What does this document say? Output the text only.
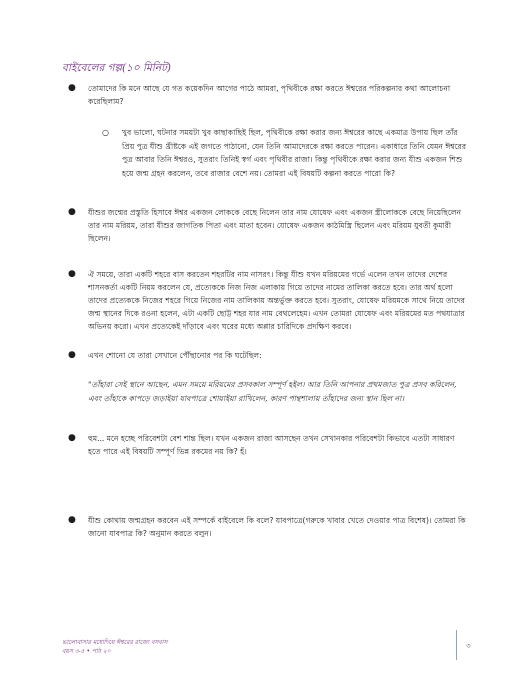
বাইবেলের গল্প(১০ মিনিট)
● তোমাদের কি মনে আছে যে গত কয়েকদিন আগের পাঠে আমরা, পৃথিবীকে রক্ষা করতে ঈশ্বরের পরিকল্পনার কথা আলোচনা করেছিলাম?
○ খুব ভালো, ঘটনার সময়টা খুব কাছাকাছিই ছিল, পৃথিবীকে রক্ষা করার জন্য ঈশ্বরের কাছে একমাত্র উপায় ছিল তাঁর প্রিয় পুত্র যীশু খ্রীষ্টকে এই জগতে পাঠানো, যেন তিনি আমাদেরকে রক্ষা করতে পারেন। একাধারে তিনি যেমন ঈশ্বরের পুত্র আবার তিনি ঈশ্বরও, সুতরাং তিনিই স্বর্গ এবং পৃথিবীর রাজা। কিন্তু পৃথিবীকে রক্ষা করার জন্য যীশু একজন শিশু হয়ে জন্ম গ্রহন করলেন, তবে রাজার বেশে নয়। তোমরা এই বিষয়টি কল্পনা করতে পারো কি?
● যীশুর জন্মের প্রস্তুতি হিসাবে ঈশ্বর একজন লোককে বেছে নিলেন তার নাম যোষেফ এবং একজন স্ত্রীলোককে বেছে নিয়েছিলেন তার নাম মরিয়ম, তারা যীশুর জাগতিক পিতা এবং মাতা হবেন। যোষেফ একজন কাঠমিস্ত্রি ছিলেন এবং মরিয়ম যুবতী কুমারী ছিলেন।
● ঐ সময়ে, তারা একটি শহরে বাস করতেন শহরটির নাম নাসরৎ। কিন্তু যীশু যখন মরিয়মের গর্ভে এলেন তখন তাদের দেশের শাসনকর্তা একটি নিয়ম করলেন যে, প্রত্যেককে নিজ নিজ এলাকায় গিয়ে তাদের নামের তালিকা করতে হবে। তার অর্থ হলো তাদের প্রত্যেককে নিজের শহরে গিয়ে নিজের নাম তালিকায় অন্তর্ভুক্ত করতে হবে। সুতরাং, যোষেফ মরিয়মকে সাথে নিয়ে তাদের জন্ম স্থানের দিকে রওনা হলেন, এটা একটি ছোট্ট শহর যার নাম বেথলেহেম। এখন তোমরা যোষেফ এবং মরিয়মের মত পথযাত্রার অভিনয় করো। এখন প্রত্যেকেই দাঁড়াবে এবং ঘরের মধ্যে অপ্পার চারিদিকে প্রদক্ষিণ করবে।
● এখন শোনো যে তারা সেখানে পৌঁছানোর পর কি ঘটেছিল:
"তাঁহারা সেই স্থানে আছেন, এমন সময়ে মরিয়মের প্রসবকাল সম্পূর্ণ হইল। আর তিনি আপনার প্রথমজাত পুত্র প্রসব করিলেন, এবং তাঁহাকে কাপড়ে জড়াইয়া যাবপাত্রে শোয়াইয়া রাখিলেন, কারণ পান্থশালায় তাঁহাদের জন্য স্থান ছিল না।
● হুম... মনে হচ্ছে পরিবেশটা বেশ শান্ত ছিল। যখন একজন রাজা আসছেন তখন সেখানকার পরিবেশটা কিভাবে এতটা সাধারণ হতে পারে এই বিষয়টি সম্পূর্ণ ভিন্ন রকমের নয় কি? হঁ।
● যীশু কোথায় জন্মগ্রহন করবেন এই সম্পর্কে বাইবেলে কি বলে? যাবপাত্রে(গরুকে খাবার খেতে দেওয়ার পাত্র বিশেষ)। তোমরা কি জানো যাবপাত্র কি? অনুমান করতে বলুন।
ভালোবাসার মধ্যেদিয়ে ঈশ্বরের রাজ্যে বসবাস
বয়স ৩-৫ • পাঠ ২০
৩
